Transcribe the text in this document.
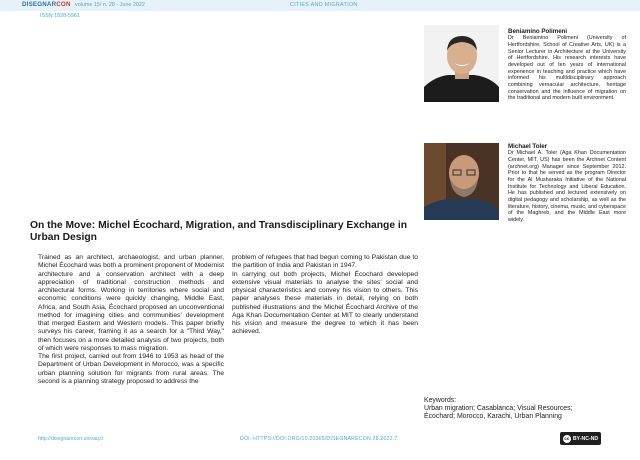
DISEGNARCON volume 15/ n. 28 - June 2022	CITIES AND MIGRATION
ISSN 1828-5961
Beniamino Polimeni
Dr Beniamino Polimeni (University of Hertfordshire, School of Creative Arts, UK) is a Senior Lecturer in Architecture at the University of Hertfordshire. His research interests have developed out of ten years of international experience in teaching and practice which have informed his multidisciplinary approach combining vernacular architecture, heritage conservation and the influence of migration on the traditional and modern built environment.
Michael Toler
Dr Michael A. Toler (Aga Khan Documentation Center, MIT, US) has been the Archnet Content (archnet.org) Manager since September 2012. Prior to that he served as the program Director for the Al Musharaka Initiative of the National Institute for Technology and Liberal Education. He has published and lectured extensively on digital pedagogy and scholarship, as well as the literature, history, cinema, music, and cyberspace of the Maghreb, and the Middle East more widely.
On the Move: Michel Écochard, Migration, and Transdisciplinary Exchange in Urban Design
Trained as an architect, archaeologist, and urban planner, Michel Écochard was both a prominent proponent of Modernist architecture and a conservation architect with a deep appreciation of traditional construction methods and architectural forms. Working in territories where social and economic conditions were quickly changing, Middle East, Africa, and South Asia, Écochard proposed an unconventional method for imagining cities and communities' development that merged Eastern and Western models. This paper briefly surveys his career, framing it as a search for a "Third Way," then focuses on a more detailed analysis of two projects, both of which were responses to mass migration.
The first project, carried out from 1946 to 1953 as head of the Department of Urban Development in Morocco, was a specific urban planning solution for migrants from rural areas. The second is a planning strategy proposed to address the
problem of refugees that had begun coming to Pakistan due to the partition of India and Pakistan in 1947.
In carrying out both projects, Michel Écochard developed extensive visual materials to analyse the sites' social and physical characteristics and convey his vision to others. This paper analyses these materials in detail, relying on both published illustrations and the Michel Écochard Archive of the Aga Khan Documentation Center at MIT to clearly understand his vision and measure the degree to which it has been achieved.
Keywords:
Urban migration; Casablanca; Visual Resources; Écochard; Morocco, Karachi, Urban Planning
http://disegnarecon.univaq.it	DOI: HTTPS://DOI.ORG/10.20365/DISEGNARECON.28.2022.7	cc BY-NC-ND
